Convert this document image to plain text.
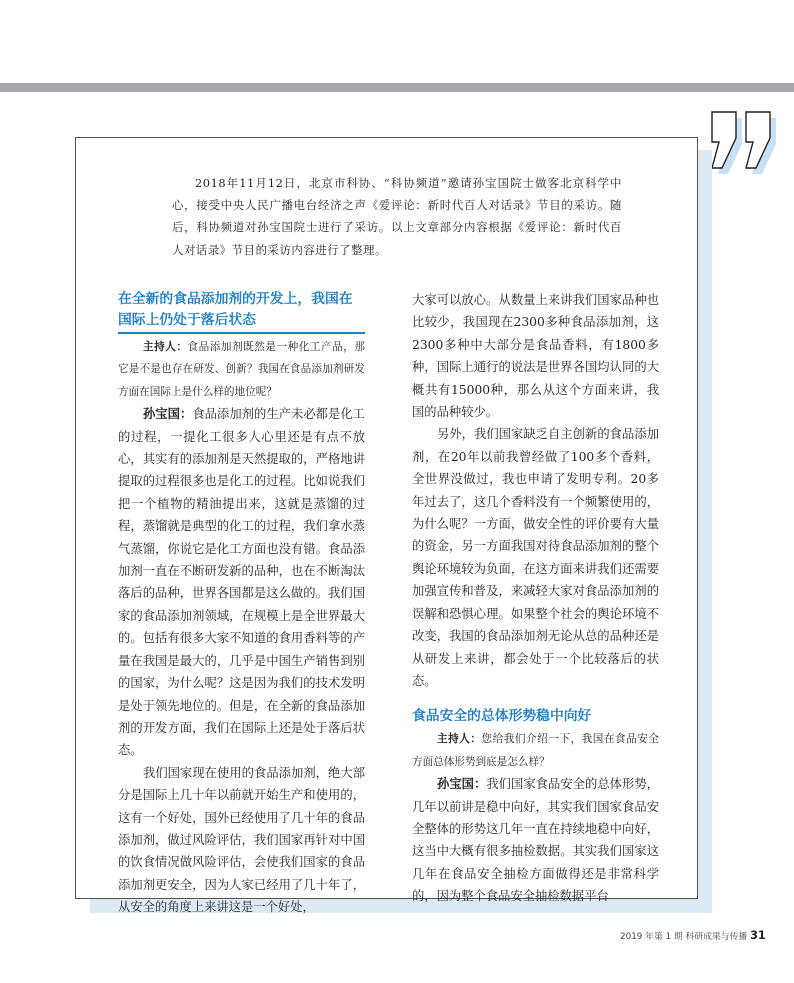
2018年11月12日，北京市科协、“科协频道”邀请孙宝国院士做客北京科学中心，接受中央人民广播电台经济之声《爱评论：新时代百人对话录》节目的采访。随后，科协频道对孙宝国院士进行了采访。以上文章部分内容根据《爱评论：新时代百人对话录》节目的采访内容进行了整理。

在全新的食品添加剂的开发上，我国在
国际上仍处于落后状态

主持人：食品添加剂既然是一种化工产品，那它是不是也存在研发、创新？我国在食品添加剂研发方面在国际上是什么样的地位呢？

孙宝国：食品添加剂的生产未必都是化工的过程，一提化工很多人心里还是有点不放心，其实有的添加剂是天然提取的，严格地讲提取的过程很多也是化工的过程。比如说我们把一个植物的精油提出来，这就是蒸馏的过程，蒸馏就是典型的化工的过程，我们拿水蒸气蒸馏，你说它是化工方面也没有错。食品添加剂一直在不断研发新的品种，也在不断淘汰落后的品种，世界各国都是这么做的。我们国家的食品添加剂领域，在规模上是全世界最大的。包括有很多大家不知道的食用香料等的产量在我国是最大的，几乎是中国生产销售到别的国家，为什么呢？这是因为我们的技术发明是处于领先地位的。但是，在全新的食品添加剂的开发方面，我们在国际上还是处于落后状态。

我们国家现在使用的食品添加剂，绝大部分是国际上几十年以前就开始生产和使用的，这有一个好处，国外已经使用了几十年的食品添加剂，做过风险评估，我们国家再针对中国的饮食情况做风险评估，会使我们国家的食品添加剂更安全，因为人家已经用了几十年了，从安全的角度上来讲这是一个好处，

大家可以放心。从数量上来讲我们国家品种也比较少，我国现在2300多种食品添加剂，这2300多种中大部分是食品香料，有1800多种，国际上通行的说法是世界各国均认同的大概共有15000种，那么从这个方面来讲，我国的品种较少。

另外，我们国家缺乏自主创新的食品添加剂，在20年以前我曾经做了100多个香料，全世界没做过，我也申请了发明专利。20多年过去了，这几个香料没有一个频繁使用的，为什么呢？一方面，做安全性的评价要有大量的资金，另一方面我国对待食品添加剂的整个舆论环境较为负面，在这方面来讲我们还需要加强宣传和普及，来减轻大家对食品添加剂的误解和恐惧心理。如果整个社会的舆论环境不改变，我国的食品添加剂无论从总的品种还是从研发上来讲，都会处于一个比较落后的状态。

食品安全的总体形势稳中向好

主持人：您给我们介绍一下，我国在食品安全方面总体形势到底是怎么样？

孙宝国：我们国家食品安全的总体形势，几年以前讲是稳中向好，其实我们国家食品安全整体的形势这几年一直在持续地稳中向好，这当中大概有很多抽检数据。其实我们国家这几年在食品安全抽检方面做得还是非常科学的，因为整个食品安全抽检数据平台

2019 年第 1 期 科研成果与传播 31
